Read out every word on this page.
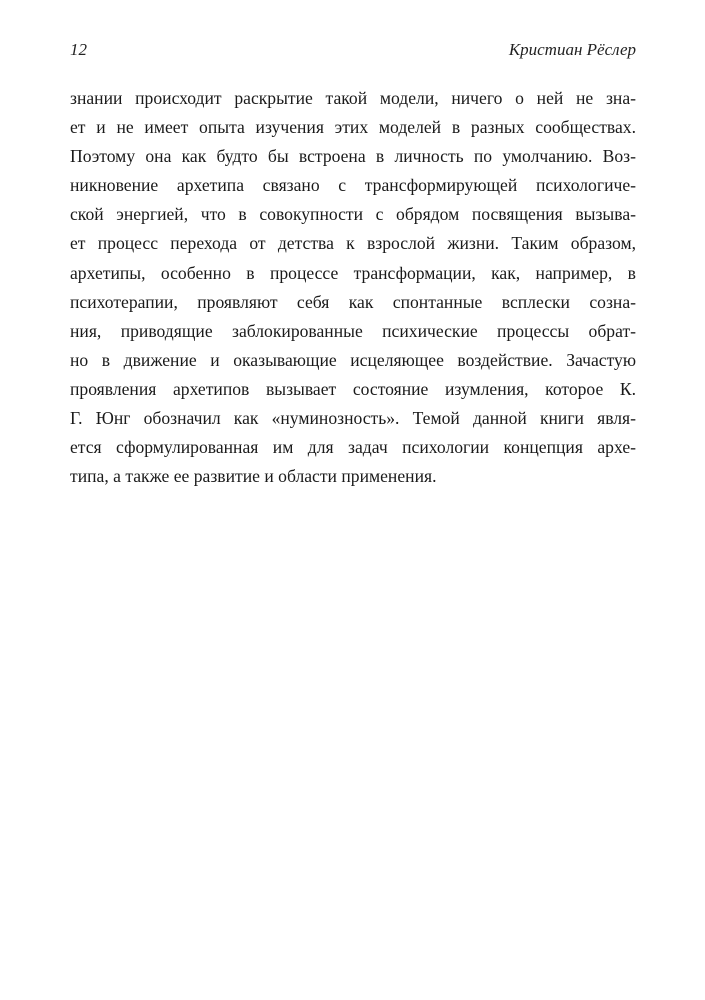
12	Кристиан Рёслер
знании происходит раскрытие такой модели, ничего о ней не зна-
ет и не имеет опыта изучения этих моделей в разных сообществах.
Поэтому она как будто бы встроена в личность по умолчанию. Воз-
никновение архетипа связано с трансформирующей психологиче-
ской энергией, что в совокупности с обрядом посвящения вызыва-
ет процесс перехода от детства к взрослой жизни. Таким образом,
архетипы, особенно в процессе трансформации, как, например, в
психотерапии, проявляют себя как спонтанные всплески созна-
ния, приводящие заблокированные психические процессы обрат-
но в движение и оказывающие исцеляющее воздействие. Зачастую
проявления архетипов вызывает состояние изумления, которое К.
Г. Юнг обозначил как «нуминозность». Темой данной книги явля-
ется сформулированная им для задач психологии концепция архе-
типа, а также ее развитие и области применения.
